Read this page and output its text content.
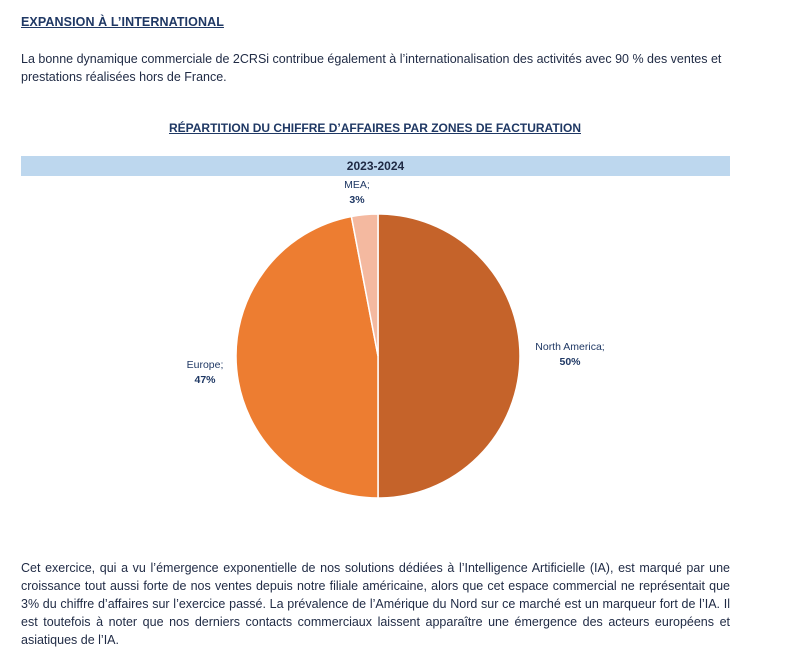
EXPANSION À L’INTERNATIONAL
La bonne dynamique commerciale de 2CRSi contribue également à l’internationalisation des activités avec 90 % des ventes et prestations réalisées hors de France.
RÉPARTITION DU CHIFFRE D’AFFAIRES PAR ZONES DE FACTURATION
2023-2024
North America;
50%
Europe;
47%
MEA;
3%
Cet exercice, qui a vu l’émergence exponentielle de nos solutions dédiées à l’Intelligence Artificielle (IA), est marqué par une croissance tout aussi forte de nos ventes depuis notre filiale américaine, alors que cet espace commercial ne représentait que 3% du chiffre d’affaires sur l’exercice passé. La prévalence de l’Amérique du Nord sur ce marché est un marqueur fort de l’IA. Il est toutefois à noter que nos derniers contacts commerciaux laissent apparaître une émergence des acteurs européens et asiatiques de l’IA.
